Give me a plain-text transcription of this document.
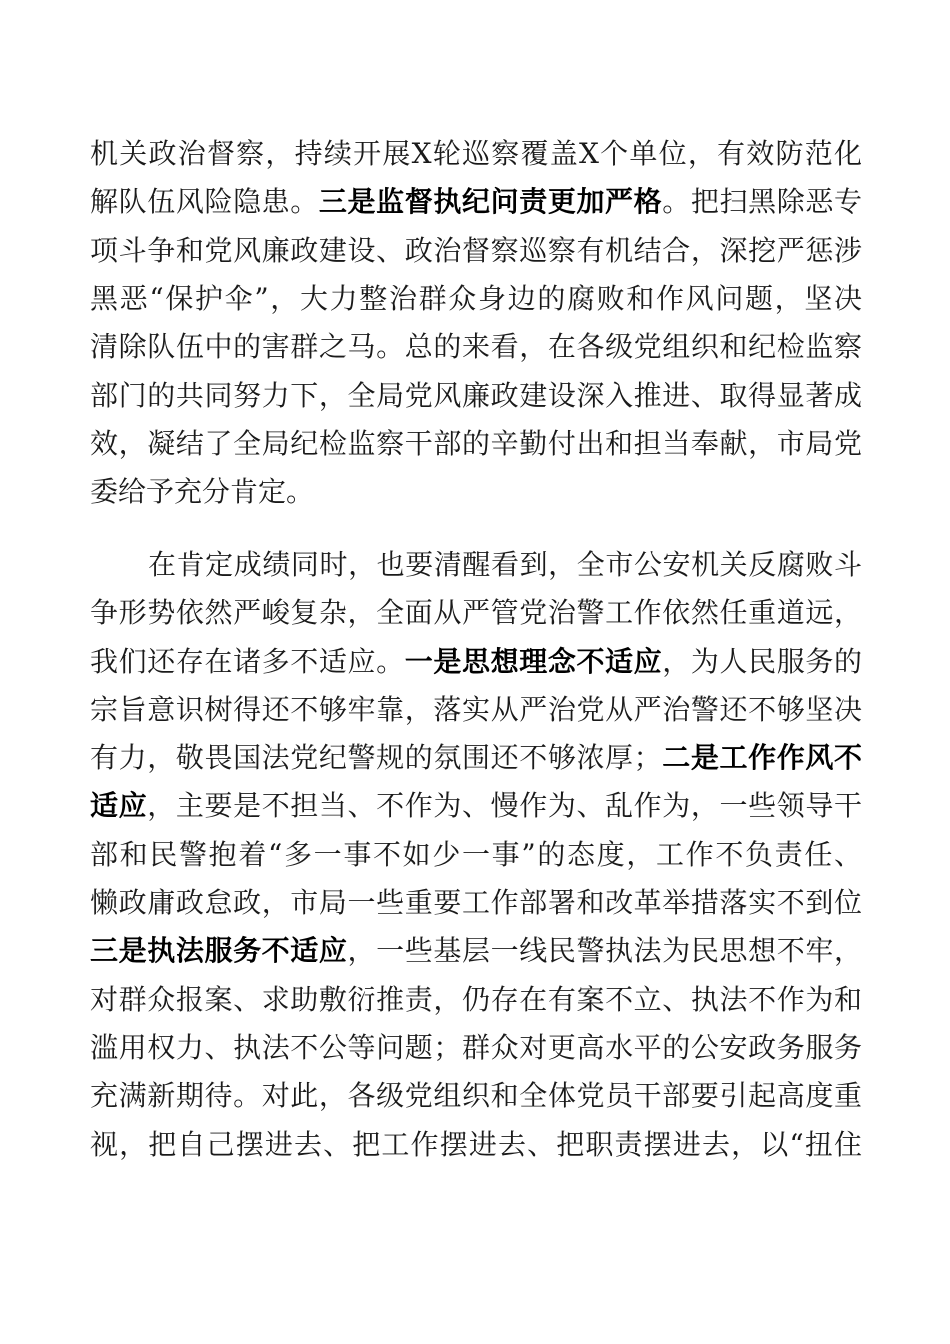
机关政治督察，持续开展X轮巡察覆盖X个单位，有效防范化
解队伍风险隐患。三是监督执纪问责更加严格。把扫黑除恶专
项斗争和党风廉政建设、政治督察巡察有机结合，深挖严惩涉
黑恶“保护伞”，大力整治群众身边的腐败和作风问题，坚决
清除队伍中的害群之马。总的来看，在各级党组织和纪检监察
部门的共同努力下，全局党风廉政建设深入推进、取得显著成
效，凝结了全局纪检监察干部的辛勤付出和担当奉献，市局党
委给予充分肯定。
在肯定成绩同时，也要清醒看到，全市公安机关反腐败斗
争形势依然严峻复杂，全面从严管党治警工作依然任重道远，
我们还存在诸多不适应。一是思想理念不适应，为人民服务的
宗旨意识树得还不够牢靠，落实从严治党从严治警还不够坚决
有力，敬畏国法党纪警规的氛围还不够浓厚；二是工作作风不
适应，主要是不担当、不作为、慢作为、乱作为，一些领导干
部和民警抱着“多一事不如少一事”的态度，工作不负责任、
懒政庸政怠政，市局一些重要工作部署和改革举措落实不到位
三是执法服务不适应，一些基层一线民警执法为民思想不牢，
对群众报案、求助敷衍推责，仍存在有案不立、执法不作为和
滥用权力、执法不公等问题；群众对更高水平的公安政务服务
充满新期待。对此，各级党组织和全体党员干部要引起高度重
视，把自己摆进去、把工作摆进去、把职责摆进去，以“扭住
